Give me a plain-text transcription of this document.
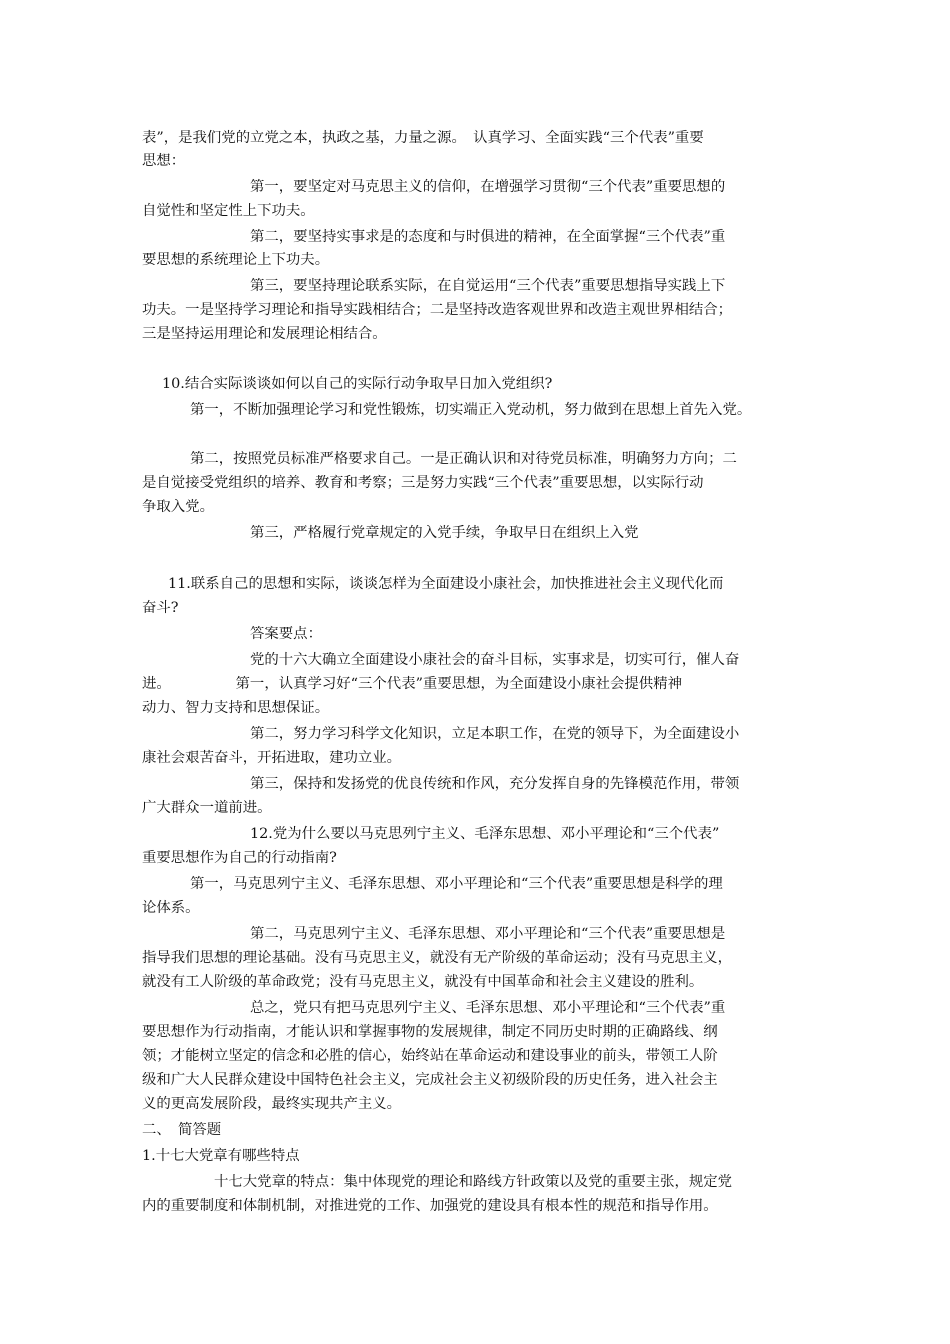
表”，是我们党的立党之本，执政之基，力量之源。　认真学习、全面实践“三个代表”重要

思想：

第一，要坚定对马克思主义的信仰，在增强学习贯彻“三个代表”重要思想的

自觉性和坚定性上下功夫。

第二，要坚持实事求是的态度和与时俱进的精神，在全面掌握“三个代表”重

要思想的系统理论上下功夫。

第三，要坚持理论联系实际，在自觉运用“三个代表”重要思想指导实践上下

功夫。一是坚持学习理论和指导实践相结合；二是坚持改造客观世界和改造主观世界相结合；

三是坚持运用理论和发展理论相结合。

10.结合实际谈谈如何以自己的实际行动争取早日加入党组织?

第一，不断加强理论学习和党性锻炼，切实端正入党动机，努力做到在思想上首先入党。

第二，按照党员标准严格要求自己。一是正确认识和对待党员标准，明确努力方向；二

是自觉接受党组织的培养、教育和考察；三是努力实践“三个代表”重要思想，以实际行动

争取入党。

第三，严格履行党章规定的入党手续，争取早日在组织上入党

11.联系自己的思想和实际，谈谈怎样为全面建设小康社会，加快推进社会主义现代化而

奋斗?

答案要点：

党的十六大确立全面建设小康社会的奋斗目标，实事求是，切实可行，催人奋

进。　　　　　第一，认真学习好“三个代表”重要思想，为全面建设小康社会提供精神

动力、智力支持和思想保证。

第二，努力学习科学文化知识，立足本职工作，在党的领导下，为全面建设小

康社会艰苦奋斗，开拓进取，建功立业。

第三，保持和发扬党的优良传统和作风，充分发挥自身的先锋模范作用，带领

广大群众一道前进。

12.党为什么要以马克思列宁主义、毛泽东思想、邓小平理论和“三个代表”

重要思想作为自己的行动指南?

第一，马克思列宁主义、毛泽东思想、邓小平理论和“三个代表”重要思想是科学的理

论体系。

第二，马克思列宁主义、毛泽东思想、邓小平理论和“三个代表”重要思想是

指导我们思想的理论基础。没有马克思主义，就没有无产阶级的革命运动；没有马克思主义，

就没有工人阶级的革命政党；没有马克思主义，就没有中国革命和社会主义建设的胜利。

总之，党只有把马克思列宁主义、毛泽东思想、邓小平理论和“三个代表”重

要思想作为行动指南，才能认识和掌握事物的发展规律，制定不同历史时期的正确路线、纲

领；才能树立坚定的信念和必胜的信心，始终站在革命运动和建设事业的前头，带领工人阶

级和广大人民群众建设中国特色社会主义，完成社会主义初级阶段的历史任务，进入社会主

义的更高发展阶段，最终实现共产主义。

二、　简答题

1.十七大党章有哪些特点

十七大党章的特点：集中体现党的理论和路线方针政策以及党的重要主张，规定党

内的重要制度和体制机制，对推进党的工作、加强党的建设具有根本性的规范和指导作用。
